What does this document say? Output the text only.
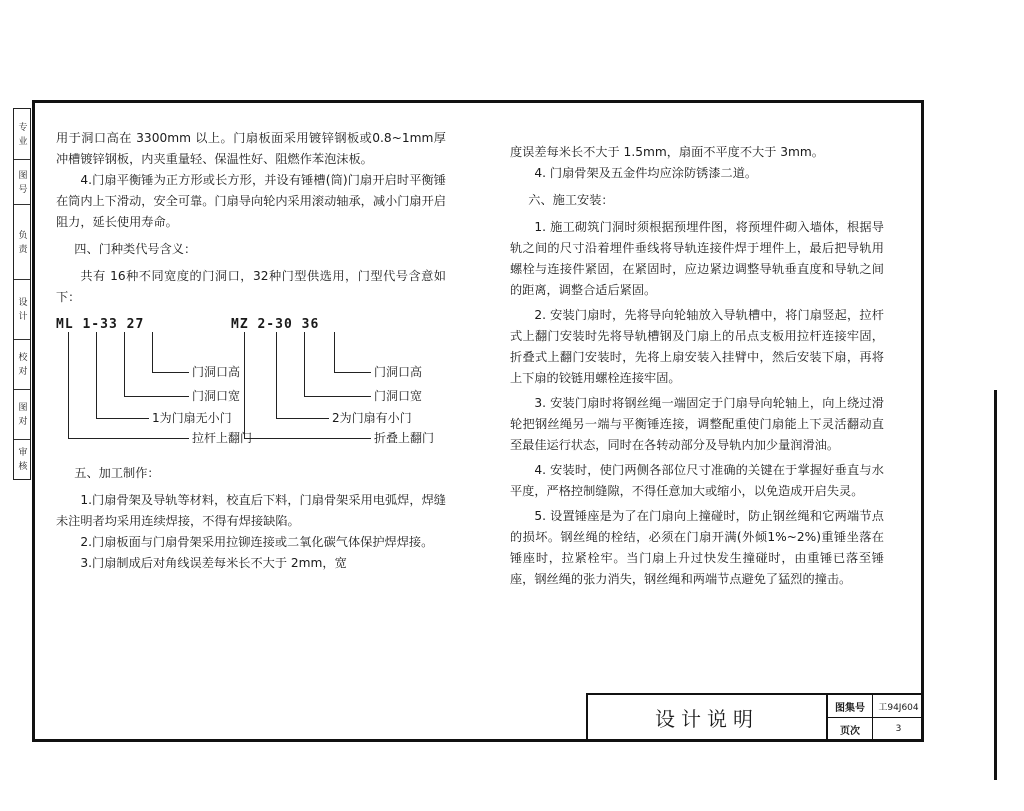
专 业
图 号
负 责
设 计
校 对
图 对
审 核

用于洞口高在 3300mm 以上。门扇板面采用镀锌钢板或0.8~1mm厚冲槽镀锌钢板，内夹重量轻、保温性好、阻燃作苯泡沫板。

4.门扇平衡锤为正方形或长方形，并设有锤槽(筒)门扇开启时平衡锤在筒内上下滑动，安全可靠。门扇导向轮内采用滚动轴承，减小门扇开启阻力，延长使用寿命。

四、门种类代号含义：

共有 16种不同宽度的门洞口，32种门型供选用，门型代号含意如下：

ML 1-33 27
门洞口高
门洞口宽
1为门扇无小门
拉杆上翻门
MZ 2-30 36
门洞口高
门洞口宽
2为门扇有小门
折叠上翻门

五、加工制作：

1.门扇骨架及导轨等材料，校直后下料，门扇骨架采用电弧焊，焊缝未注明者均采用连续焊接，不得有焊接缺陷。

2.门扇板面与门扇骨架采用拉铆连接或二氧化碳气体保护焊焊接。

3.门扇制成后对角线误差每米长不大于 2mm，宽

度误差每米长不大于 1.5mm，扇面不平度不大于 3mm。

4. 门扇骨架及五金件均应涂防锈漆二道。

六、施工安装：

1. 施工砌筑门洞时须根据预埋件图，将预埋件砌入墙体，根据导轨之间的尺寸沿着埋件垂线将导轨连接件焊于埋件上，最后把导轨用螺栓与连接件紧固，在紧固时，应边紧边调整导轨垂直度和导轨之间的距离，调整合适后紧固。

2. 安装门扇时，先将导向轮轴放入导轨槽中，将门扇竖起，拉杆式上翻门安装时先将导轨槽钢及门扇上的吊点支板用拉杆连接牢固，折叠式上翻门安装时，先将上扇安装入挂臂中，然后安装下扇，再将上下扇的铰链用螺栓连接牢固。

3. 安装门扇时将钢丝绳一端固定于门扇导向轮轴上，向上绕过滑轮把钢丝绳另一端与平衡锤连接，调整配重使门扇能上下灵活翻动直至最佳运行状态，同时在各转动部分及导轨内加少量润滑油。

4. 安装时，使门两侧各部位尺寸准确的关键在于掌握好垂直与水平度，严格控制缝隙，不得任意加大或缩小，以免造成开启失灵。

5. 设置锤座是为了在门扇向上撞碰时，防止钢丝绳和它两端节点的损坏。钢丝绳的栓结，必须在门扇开满(外倾1%~2%)重锤坐落在锤座时，拉紧栓牢。当门扇上升过快发生撞碰时，由重锤已落至锤座，钢丝绳的张力消失，钢丝绳和两端节点避免了猛烈的撞击。

设计说明	图集号	工94J604
页次	3
